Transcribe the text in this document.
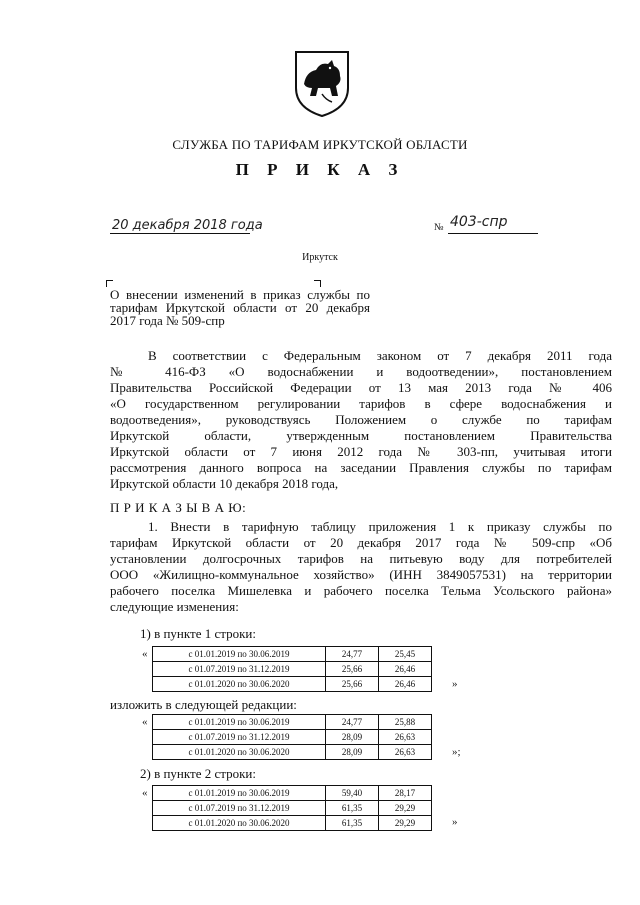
СЛУЖБА ПО ТАРИФАМ ИРКУТСКОЙ ОБЛАСТИ
П Р И К А З
20 декабря 2018 года	№ 403-спр
Иркутск
О внесении изменений в приказ службы по тарифам Иркутской области от 20 декабря 2017 года № 509-спр
В соответствии с Федеральным законом от 7 декабря 2011 года
№ 416-ФЗ «О водоснабжении и водоотведении», постановлением
Правительства Российской Федерации от 13 мая 2013 года № 406
«О государственном регулировании тарифов в сфере водоснабжения и
водоотведения», руководствуясь Положением о службе по тарифам
Иркутской области, утвержденным постановлением Правительства
Иркутской области от 7 июня 2012 года № 303-пп, учитывая итоги
рассмотрения данного вопроса на заседании Правления службы по тарифам
Иркутской области 10 декабря 2018 года,
П Р И К А З Ы В А Ю:
1. Внести в тарифную таблицу приложения 1 к приказу службы по
тарифам Иркутской области от 20 декабря 2017 года № 509-спр «Об
установлении долгосрочных тарифов на питьевую воду для потребителей
ООО «Жилищно-коммунальное хозяйство» (ИНН 3849057531) на территории
рабочего поселка Мишелевка и рабочего поселка Тельма Усольского района»
следующие изменения:
1) в пункте 1 строки:
«	с 01.01.2019 по 30.06.2019	24,77	25,45
с 01.07.2019 по 31.12.2019	25,66	26,46
с 01.01.2020 по 30.06.2020	25,66	26,46	»
изложить в следующей редакции:
«	с 01.01.2019 по 30.06.2019	24,77	25,88
с 01.07.2019 по 31.12.2019	28,09	26,63
с 01.01.2020 по 30.06.2020	28,09	26,63	»;
2) в пункте 2 строки:
«	с 01.01.2019 по 30.06.2019	59,40	28,17
с 01.07.2019 по 31.12.2019	61,35	29,29
с 01.01.2020 по 30.06.2020	61,35	29,29	»
